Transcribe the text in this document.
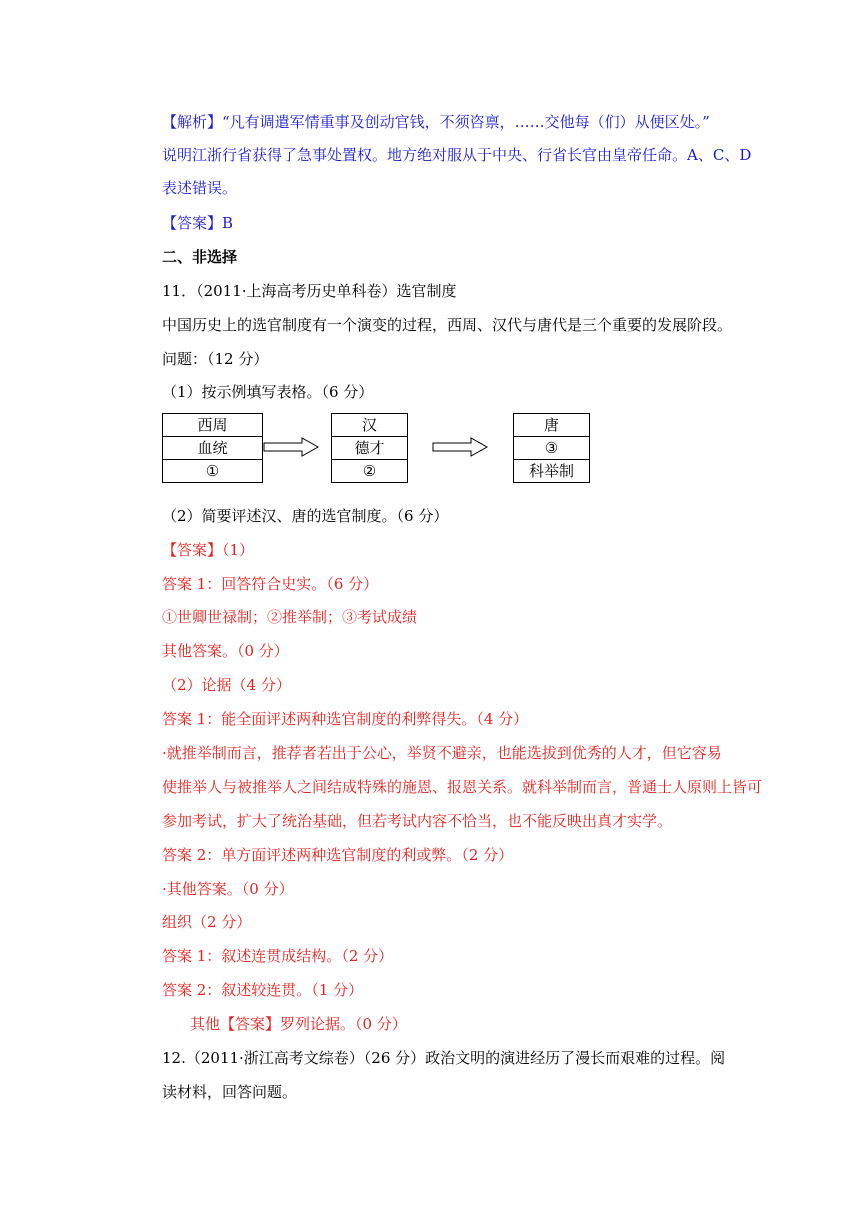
【解析】“凡有调遣军情重事及创动官钱，不须咨禀，……交他每（们）从便区处。”
说明江浙行省获得了急事处置权。地方绝对服从于中央、行省长官由皇帝任命。A、C、D
表述错误。
【答案】B
二、非选择
11．（2011·上海高考历史单科卷）选官制度
中国历史上的选官制度有一个演变的过程，西周、汉代与唐代是三个重要的发展阶段。
问题：（12 分）
（1）按示例填写表格。（6 分）
西周
血统
①
汉
德才
②
唐
③
科举制
（2）简要评述汉、唐的选官制度。（6 分）
【答案】（1）
答案 1：回答符合史实。（6 分）
①世卿世禄制；②推举制；③考试成绩
其他答案。（0 分）
（2）论据（4 分）
答案 1：能全面评述两种选官制度的利弊得失。（4 分）
·就推举制而言，推荐者若出于公心，举贤不避亲，也能选拔到优秀的人才，但它容易
使推举人与被推举人之间结成特殊的施恩、报恩关系。就科举制而言，普通士人原则上皆可
参加考试，扩大了统治基础，但若考试内容不恰当，也不能反映出真才实学。
答案 2：单方面评述两种选官制度的利或弊。（2 分）
·其他答案。（0 分）
组织（2 分）
答案 1：叙述连贯成结构。（2 分）
答案 2：叙述较连贯。（1 分）
其他【答案】罗列论据。（0 分）
12.（2011·浙江高考文综卷）（26 分）政治文明的演进经历了漫长而艰难的过程。阅
读材料，回答问题。
